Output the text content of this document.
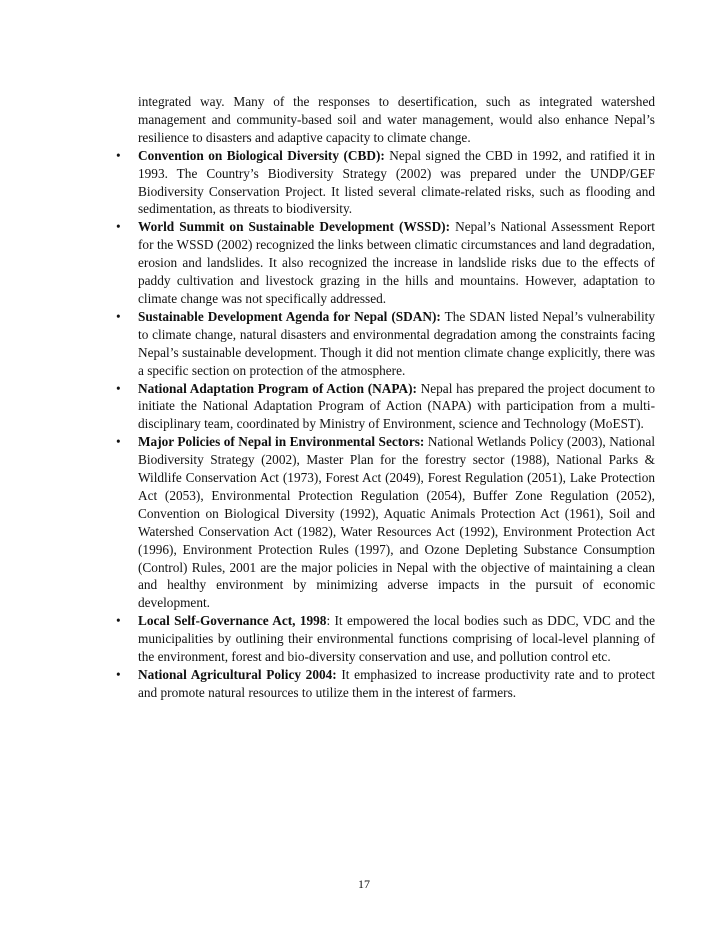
integrated way. Many of the responses to desertification, such as integrated watershed management and community-based soil and water management, would also enhance Nepal’s resilience to disasters and adaptive capacity to climate change.

•	Convention on Biological Diversity (CBD): Nepal signed the CBD in 1992, and ratified it in 1993. The Country’s Biodiversity Strategy (2002) was prepared under the UNDP/GEF Biodiversity Conservation Project. It listed several climate-related risks, such as flooding and sedimentation, as threats to biodiversity.

•	World Summit on Sustainable Development (WSSD): Nepal’s National Assessment Report for the WSSD (2002) recognized the links between climatic circumstances and land degradation, erosion and landslides. It also recognized the increase in landslide risks due to the effects of paddy cultivation and livestock grazing in the hills and mountains. However, adaptation to climate change was not specifically addressed.

•	Sustainable Development Agenda for Nepal (SDAN): The SDAN listed Nepal’s vulnerability to climate change, natural disasters and environmental degradation among the constraints facing Nepal’s sustainable development. Though it did not mention climate change explicitly, there was a specific section on protection of the atmosphere.

•	National Adaptation Program of Action (NAPA): Nepal has prepared the project document to initiate the National Adaptation Program of Action (NAPA) with participation from a multi-disciplinary team, coordinated by Ministry of Environment, science and Technology (MoEST).

•	Major Policies of Nepal in Environmental Sectors: National Wetlands Policy (2003), National Biodiversity Strategy (2002), Master Plan for the forestry sector (1988), National Parks & Wildlife Conservation Act (1973), Forest Act (2049), Forest Regulation (2051), Lake Protection Act (2053), Environmental Protection Regulation (2054), Buffer Zone Regulation (2052), Convention on Biological Diversity (1992), Aquatic Animals Protection Act (1961), Soil and Watershed Conservation Act (1982), Water Resources Act (1992), Environment Protection Act (1996), Environment Protection Rules (1997), and Ozone Depleting Substance Consumption (Control) Rules, 2001 are the major policies in Nepal with the objective of maintaining a clean and healthy environment by minimizing adverse impacts in the pursuit of economic development.

•	Local Self-Governance Act, 1998: It empowered the local bodies such as DDC, VDC and the municipalities by outlining their environmental functions comprising of local-level planning of the environment, forest and bio-diversity conservation and use, and pollution control etc.

•	National Agricultural Policy 2004: It emphasized to increase productivity rate and to protect and promote natural resources to utilize them in the interest of farmers.

17
